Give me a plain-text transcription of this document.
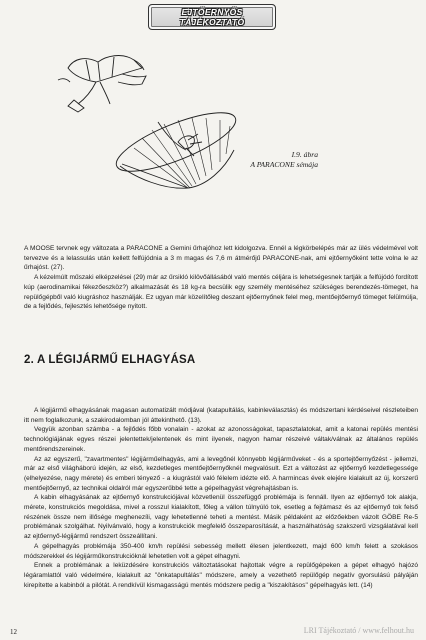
EJTŐERNYŐS
TÁJÉKOZTATÓ
I.9. ábra
A PARACONE sémája

A MOOSE tervnek egy változata a PARACONE a Gemini űrhajóhoz lett kidolgozva. Ennél a légkörbelépés már az ülés védelmével volt tervezve és a lelassulás után kellett felfújódnia a 3 m magas és 7,6 m átmérőjű PARACONE-nak, ami ejtőernyőként tette volna le az űrhajóst. (27).

A kézelmúlt műszaki elképzelései (29) már az űrsikló kilövőállásából való mentés céljára is lehetségesnek tartják a felfújódó fordított kúp (aerodinamikai fékezőeszköz?) alkalmazását és 18 kg-ra becsülik egy személy mentéséhez szükséges berendezés-tömeget, ha repülőgépből való kiugráshoz használják. Ez ugyan már közelítőleg deszant ejtőernyőnek felel meg, mentőejtőernyő tömeget felülmúlja, de a fejlődés, fejlesztés lehetősége nyitott.

2. A LÉGIJÁRMŰ ELHAGYÁSA

A légijármű elhagyásának magasan automatizált módjával (katapultálás, kabinleválasztás) és módszertani kérdéseivel részleteiben itt nem foglalkozunk, a szakirodalomban jól áttekinthető. (13).

Vegyük azonban számba - a fejlődés főbb vonalain - azokat az azonosságokat, tapasztalatokat, amit a katonai repülés mentési technológiájának egyes részei jelentettek/jelentenek és mint ilyenek, nagyon hamar részeivé váltak/válnak az általános repülés mentőrendszereinek.

Az az egyszerű, "zavartmentes" légijárműelhagyás, ami a levegőnél könnyebb légijárműveket - és a sportejtőernyőzést - jellemzi, már az első világháború idején, az első, kezdetleges mentőejtőernyőknél megvalósult. Ezt a változást az ejtőernyő kezdetlegessége (elhelyezése, nagy mérete) és emberi tényező - a kiugrástól való félelem idézte elő. A harmincas évek elejére kialakult az új, korszerű mentőejtőernyő, az technikai oldalról már egyszerűbbé tette a gépelhagyást végrehajtásban is.

A kabin elhagyásának az ejtőernyő konstrukciójával közvetlenül összefüggő problémája is fennáll. Ilyen az ejtőernyő tok alakja, mérete, konstrukciós megoldása, mivel a rosszul kialakított, főleg a vállon túlnyúló tok, esetleg a fejtámasz és az ejtőernyő tok felső részének össze nem illősége meghenezíli, vagy lehetetlenné teheti a mentést. Másik példaként az előzőekben vázolt GÖBE Re-5 problémának szolgálhat. Nyilvánvaló, hogy a konstrukciók megfelelő összeparosítását, a használhatóság szakszerű vizsgálatával kell az ejtőernyő-légijármű rendszert összeállítani.

A gépelhagyás problémája 350-400 km/h repülési sebesség mellett élesen jelentkezett, majd 600 km/h felett a szokásos módszerekkel és légijárműkonstrukcióknál lehetetlen volt a gépet elhagyni.

Ennek a problémának a leküzdésére konstrukciós változtatásokat hajtottak végre a repülőgépeken a gépet elhagyó hajózó légáramlattól való védelmére, kialakult az "önkatapultálás" módszere, amely a vezethető repülőgép negatív gyorsulású pályáján kirepítette a kabinból a pilótát. A rendkívül kismagasságú mentés módszere pedig a "kiszakításos" gépelhagyás lett. (14)

12	LRI Tájékoztató / www.felhout.hu
